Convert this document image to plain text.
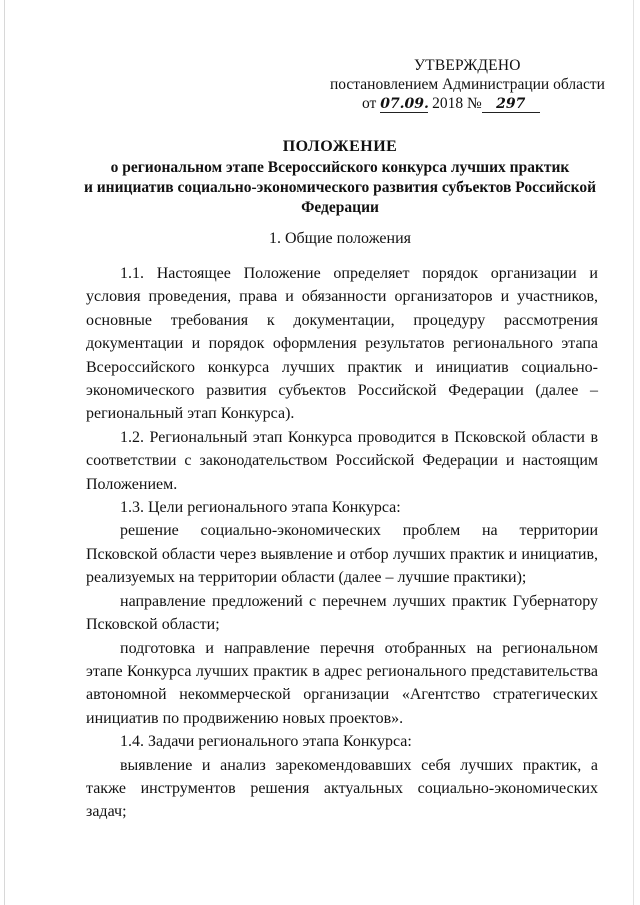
УТВЕРЖДЕНО
постановлением Администрации области
от 07.09. 2018 № 297
ПОЛОЖЕНИЕ
о региональном этапе Всероссийского конкурса лучших практик
и инициатив социально-экономического развития субъектов Российской
Федерации
1. Общие положения

1.1. Настоящее Положение определяет порядок организации и условия проведения, права и обязанности организаторов и участников, основные требования к документации, процедуру рассмотрения документации и порядок оформления результатов регионального этапа Всероссийского конкурса лучших практик и инициатив социально-экономического развития субъектов Российской Федерации (далее – региональный этап Конкурса).

1.2. Региональный этап Конкурса проводится в Псковской области в соответствии с законодательством Российской Федерации и настоящим Положением.

1.3. Цели регионального этапа Конкурса:

решение социально-экономических проблем на территории Псковской области через выявление и отбор лучших практик и инициатив, реализуемых на территории области (далее – лучшие практики);

направление предложений с перечнем лучших практик Губернатору Псковской области;

подготовка и направление перечня отобранных на региональном этапе Конкурса лучших практик в адрес регионального представительства автономной некоммерческой организации «Агентство стратегических инициатив по продвижению новых проектов».

1.4. Задачи регионального этапа Конкурса:

выявление и анализ зарекомендовавших себя лучших практик, а также инструментов решения актуальных социально-экономических задач;
